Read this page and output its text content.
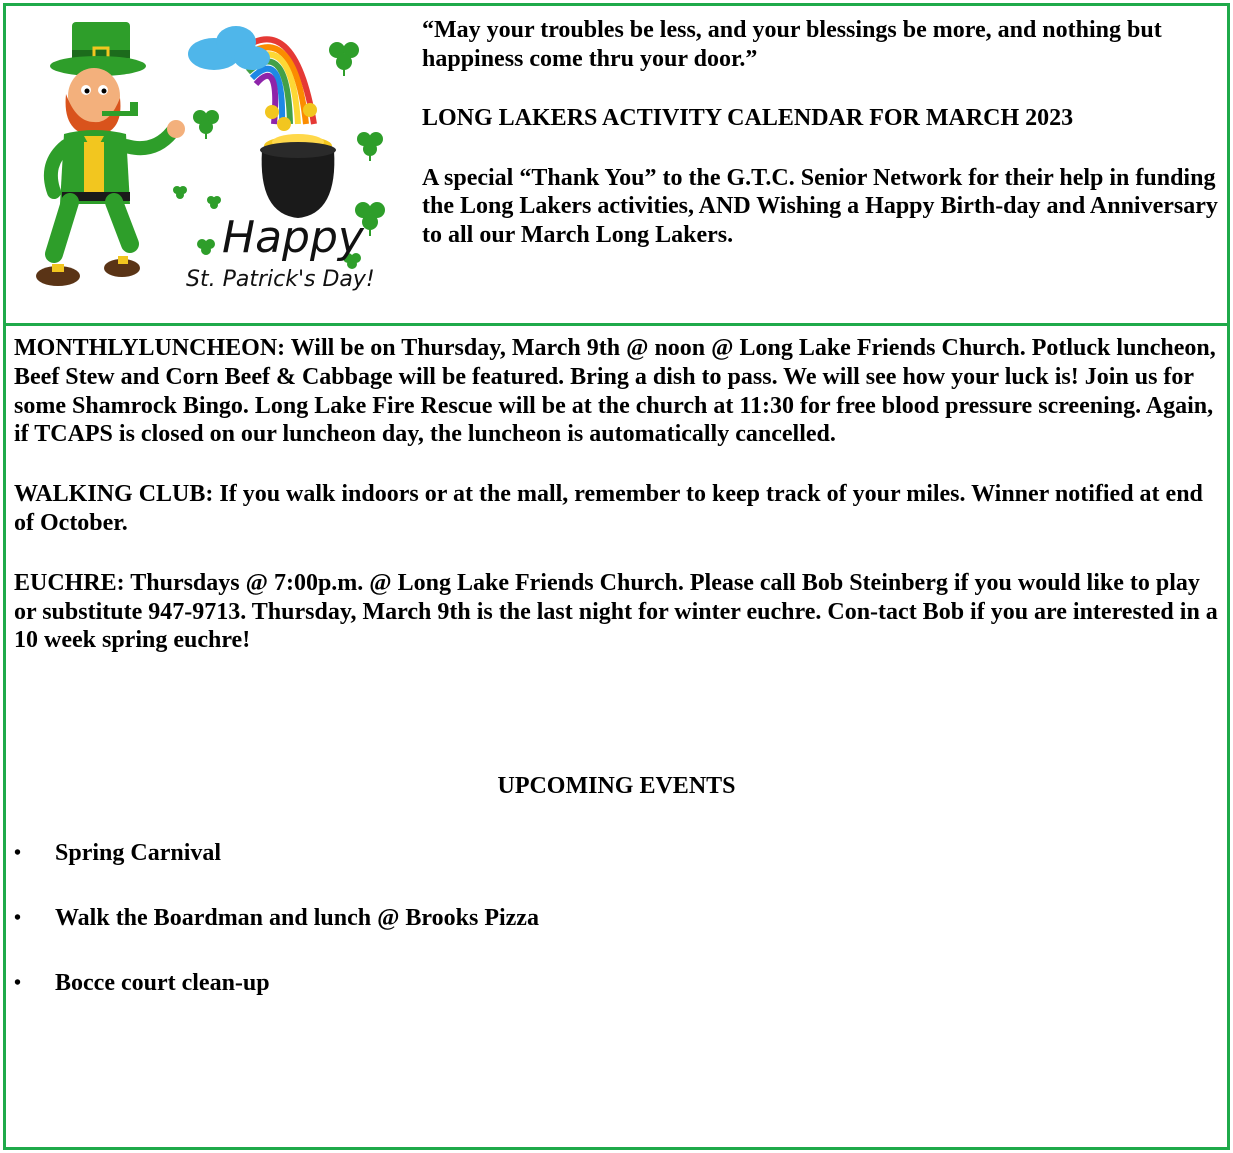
Happy
St. Patrick's Day!

“May your troubles be less, and your blessings be more, and nothing but happiness come thru your door.”

LONG LAKERS ACTIVITY CALENDAR FOR MARCH 2023

A special “Thank You” to the G.T.C. Senior Network for their help in funding the Long Lakers activities, AND Wishing a Happy Birth-day and Anniversary to all our March Long Lakers.

MONTHLYLUNCHEON: Will be on Thursday, March 9th @ noon @ Long Lake Friends Church. Potluck luncheon, Beef Stew and Corn Beef & Cabbage will be featured. Bring a dish to pass. We will see how your luck is! Join us for some Shamrock Bingo. Long Lake Fire Rescue will be at the church at 11:30 for free blood pressure screening. Again, if TCAPS is closed on our luncheon day, the luncheon is automatically cancelled.

WALKING CLUB: If you walk indoors or at the mall, remember to keep track of your miles. Winner notified at end of October.

EUCHRE: Thursdays @ 7:00p.m. @ Long Lake Friends Church. Please call Bob Steinberg if you would like to play or substitute 947-9713. Thursday, March 9th is the last night for winter euchre. Con-tact Bob if you are interested in a 10 week spring euchre!

UPCOMING EVENTS
•	Spring Carnival
•	Walk the Boardman and lunch @ Brooks Pizza
•	Bocce court clean-up
